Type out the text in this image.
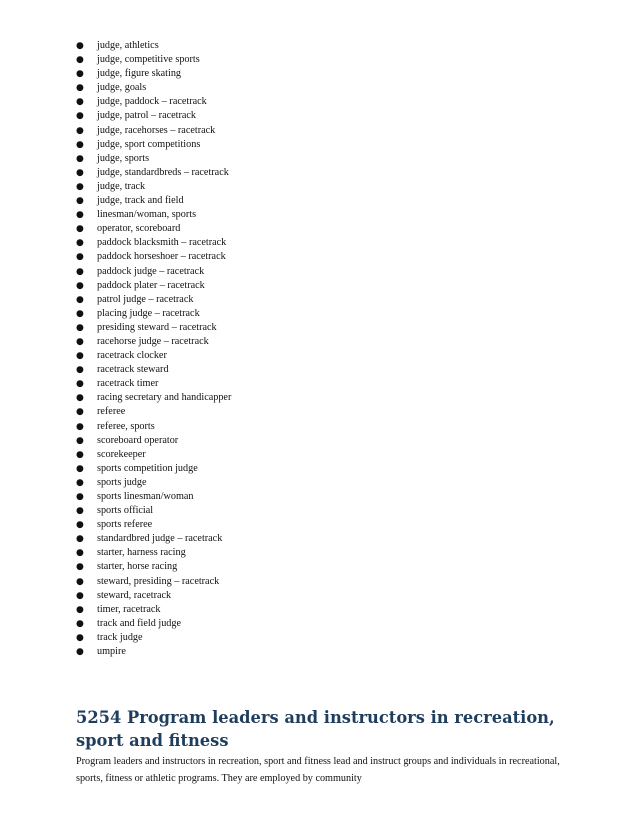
● judge, athletics
● judge, competitive sports
● judge, figure skating
● judge, goals
● judge, paddock – racetrack
● judge, patrol – racetrack
● judge, racehorses – racetrack
● judge, sport competitions
● judge, sports
● judge, standardbreds – racetrack
● judge, track
● judge, track and field
● linesman/woman, sports
● operator, scoreboard
● paddock blacksmith – racetrack
● paddock horseshoer – racetrack
● paddock judge – racetrack
● paddock plater – racetrack
● patrol judge – racetrack
● placing judge – racetrack
● presiding steward – racetrack
● racehorse judge – racetrack
● racetrack clocker
● racetrack steward
● racetrack timer
● racing secretary and handicapper
● referee
● referee, sports
● scoreboard operator
● scorekeeper
● sports competition judge
● sports judge
● sports linesman/woman
● sports official
● sports referee
● standardbred judge – racetrack
● starter, harness racing
● starter, horse racing
● steward, presiding – racetrack
● steward, racetrack
● timer, racetrack
● track and field judge
● track judge
● umpire
5254 Program leaders and instructors in recreation, sport and fitness

Program leaders and instructors in recreation, sport and fitness lead and instruct groups and individuals in recreational, sports, fitness or athletic programs. They are employed by community
